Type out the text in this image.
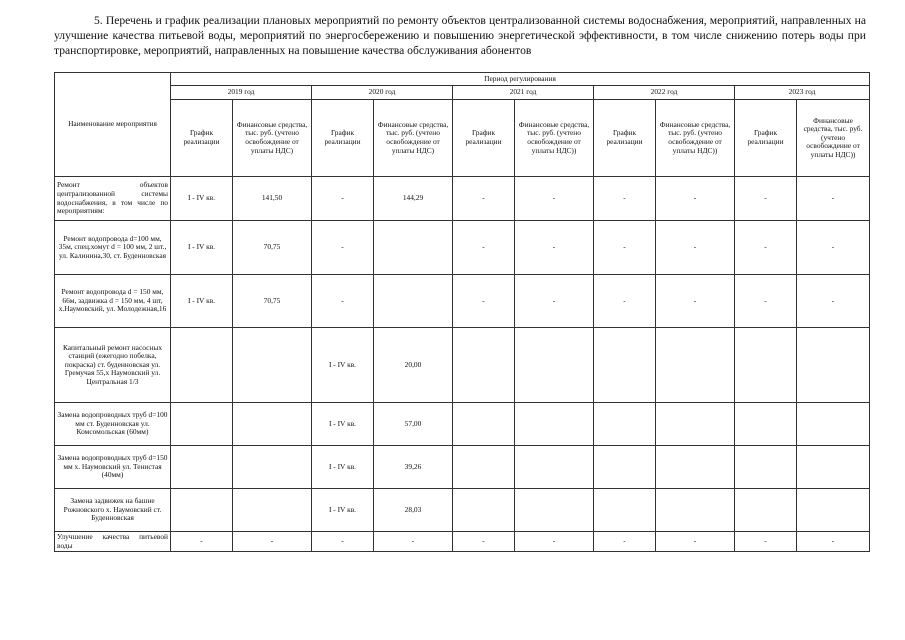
5. Перечень и график реализации плановых мероприятий по ремонту объектов централизованной системы водоснабжения, мероприятий, направленных на улучшение качества питьевой воды, мероприятий по энергосбережению и повышению энергетической эффективности, в том числе снижению потерь воды при транспортировке, мероприятий, направленных на повышение качества обслуживания абонентов
Наименование мероприятия	Период регулирования									
	2019 год		2020 год		2021 год		2022 год		2023 год	
	График реализации	Финансовые средства, тыс. руб. (учтено освобождение от уплаты НДС)	График реализации	Финансовые средства, тыс. руб. (учтено освобождение от уплаты НДС)	График реализации	Финансовые средства, тыс. руб. (учтено освобождение от уплаты НДС))	График реализации	Финансовые средства, тыс. руб. (учтено освобождение от уплаты НДС))	График реализации	Финансовые средства, тыс. руб. (учтено освобождение от уплаты НДС))
Ремонт объектов централизованной системы водоснабжения, в том числе по мероприятиям:	I - IV кв.	141,50	-	144,29	-	-	-	-	-	-
Ремонт водопровода d=100 мм, 35м, спец.хомут d = 100 мм, 2 шт., ул. Калинина,30, ст. Буденновская	I - IV кв.	70,75	-		-	-	-	-	-	-
Ремонт водопровода d = 150 мм, 66м, задвижка d = 150 мм, 4 шт, х.Наумовский, ул. Молодежная,16	I - IV кв.	70,75	-		-	-	-	-	-	-
Капитальный ремонт насосных станций (ежегодно побелка, покраска) ст. буденновская ул. Гремучая 55,х Наумовский ул. Центральная 1/3			I - IV кв.	20,00						
Замена водопроводных труб d=100 мм ст. Буденновская ул. Комсомольская (60мм)			I - IV кв.	57,00						
Замена водопроводных труб d=150 мм х. Наумовский ул. Тенистая (40мм)			I - IV кв.	39,26						
Замена задвижек на башне Рожновского х. Наумовский ст. Буденновская			I - IV кв.	28,03						
Улучшение качества питьевой воды	-	-	-	-	-	-	-	-	-	-
